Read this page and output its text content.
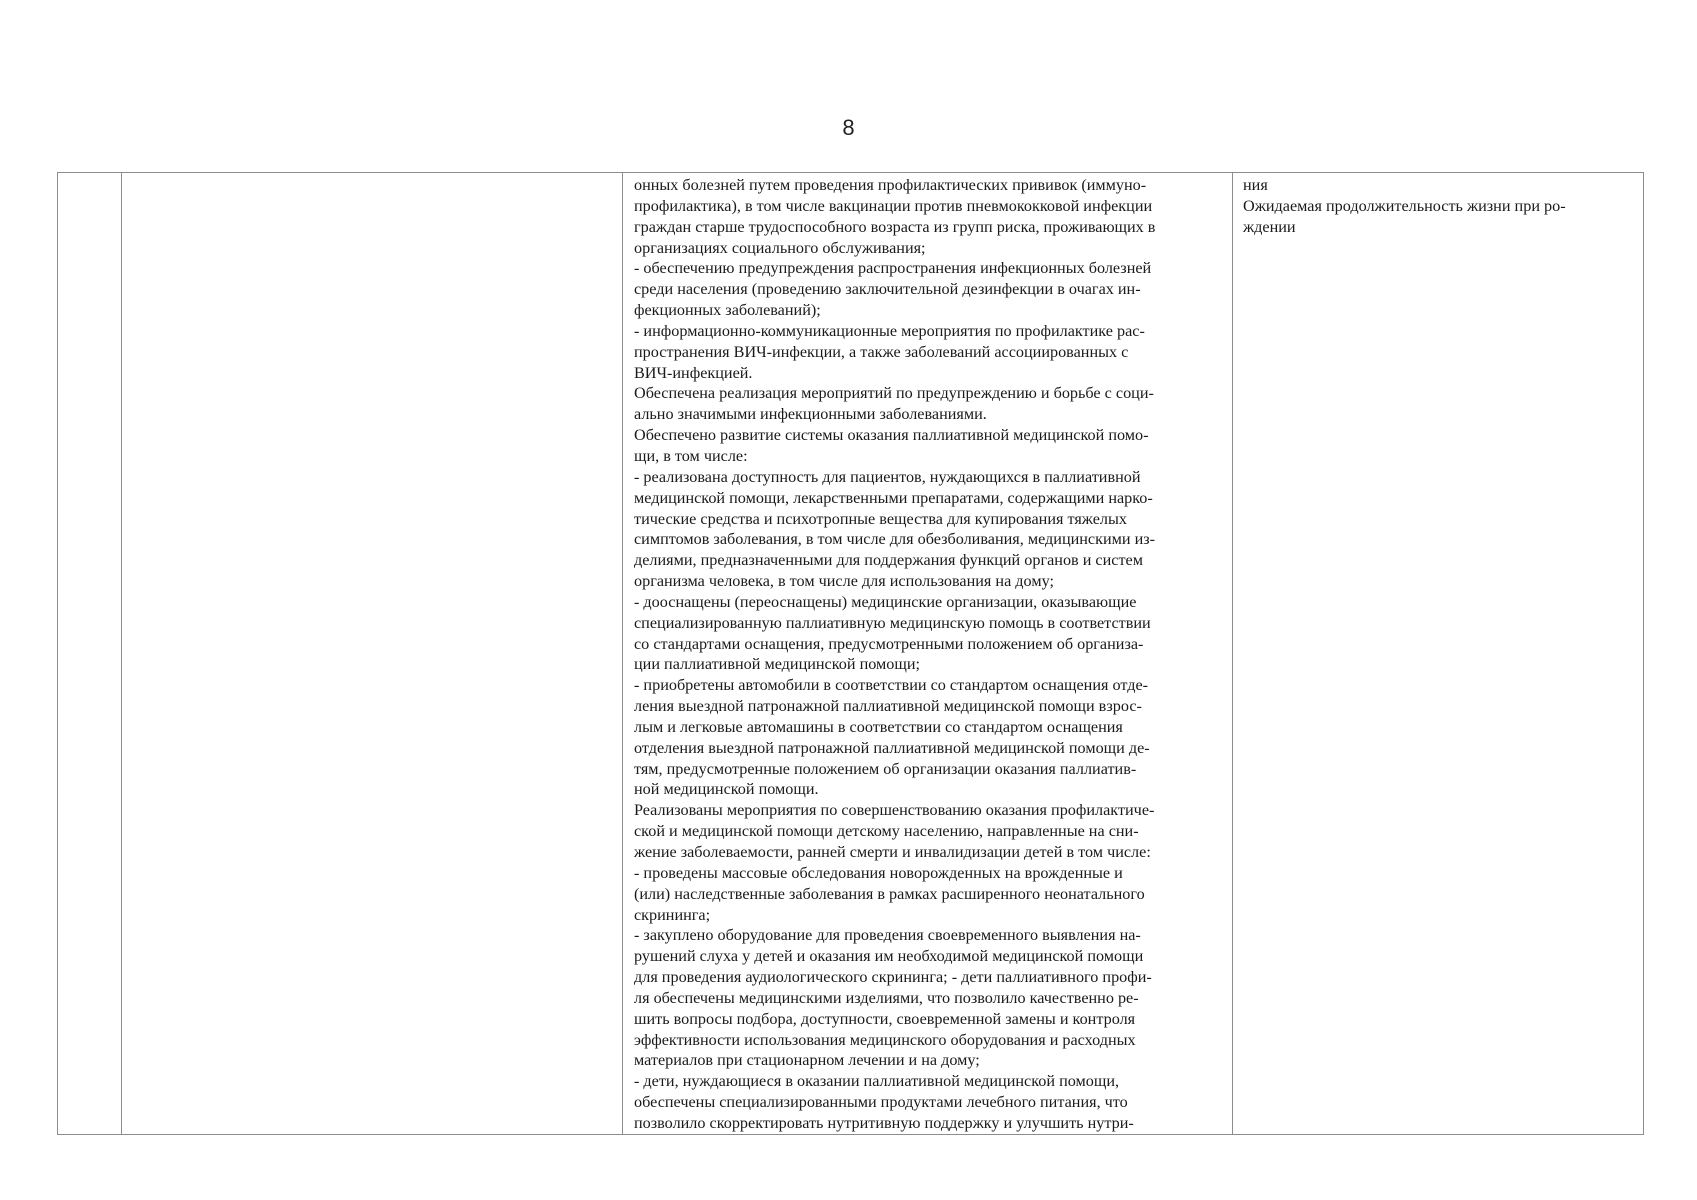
8

онных болезней путем проведения профилактических прививок (иммуно-
профилактика), в том числе вакцинации против пневмококковой инфекции
граждан старше трудоспособного возраста из групп риска, проживающих в
организациях социального обслуживания;
- обеспечению предупреждения распространения инфекционных болезней
среди населения (проведению заключительной дезинфекции в очагах ин-
фекционных заболеваний);
- информационно-коммуникационные мероприятия по профилактике рас-
пространения ВИЧ-инфекции, а также заболеваний ассоциированных с
ВИЧ-инфекцией.
Обеспечена реализация мероприятий по предупреждению и борьбе с соци-
ально значимыми инфекционными заболеваниями.
Обеспечено развитие системы оказания паллиативной медицинской помо-
щи, в том числе:
- реализована доступность для пациентов, нуждающихся в паллиативной
медицинской помощи, лекарственными препаратами, содержащими нарко-
тические средства и психотропные вещества для купирования тяжелых
симптомов заболевания, в том числе для обезболивания, медицинскими из-
делиями, предназначенными для поддержания функций органов и систем
организма человека, в том числе для использования на дому;
- дооснащены (переоснащены) медицинские организации, оказывающие
специализированную паллиативную медицинскую помощь в соответствии
со стандартами оснащения, предусмотренными положением об организа-
ции паллиативной медицинской помощи;
- приобретены автомобили в соответствии со стандартом оснащения отде-
ления выездной патронажной паллиативной медицинской помощи взрос-
лым и легковые автомашины в соответствии со стандартом оснащения
отделения выездной патронажной паллиативной медицинской помощи де-
тям, предусмотренные положением об организации оказания паллиатив-
ной медицинской помощи.
Реализованы мероприятия по совершенствованию оказания профилактиче-
ской и медицинской помощи детскому населению, направленные на сни-
жение заболеваемости, ранней смерти и инвалидизации детей в том числе:
- проведены массовые обследования новорожденных на врожденные и
(или) наследственные заболевания в рамках расширенного неонатального
скрининга;
- закуплено оборудование для проведения своевременного выявления на-
рушений слуха у детей и оказания им необходимой медицинской помощи
для проведения аудиологического скрининга; - дети паллиативного профи-
ля обеспечены медицинскими изделиями, что позволило качественно ре-
шить вопросы подбора, доступности, своевременной замены и контроля
эффективности использования медицинского оборудования и расходных
материалов при стационарном лечении и на дому;
- дети, нуждающиеся в оказании паллиативной медицинской помощи,
обеспечены специализированными продуктами лечебного питания, что
позволило скорректировать нутритивную поддержку и улучшить нутри-

ния
Ожидаемая продолжительность жизни при ро-
ждении
